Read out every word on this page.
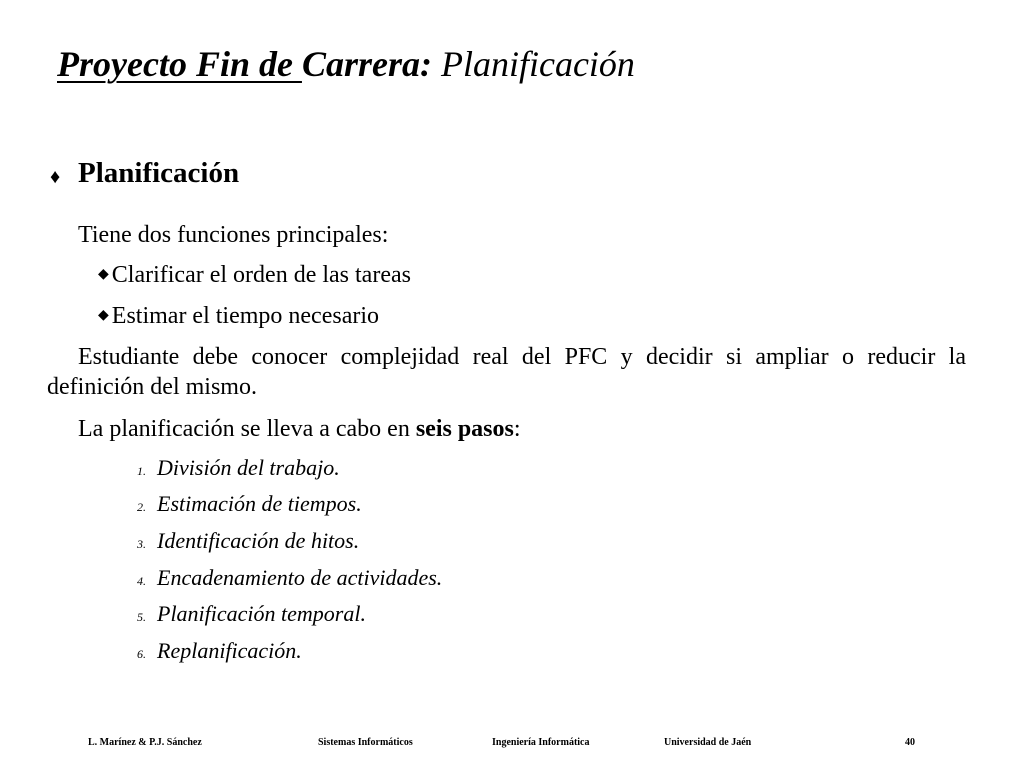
Proyecto Fin de Carrera: Planificación
♦ Planificación
Tiene dos funciones principales:
◆ Clarificar el orden de las tareas
◆ Estimar el tiempo necesario
Estudiante debe conocer complejidad real del PFC y decidir si ampliar o reducir la definición del mismo.
La planificación se lleva a cabo en seis pasos:
1. División del trabajo.
2. Estimación de tiempos.
3. Identificación de hitos.
4. Encadenamiento de actividades.
5. Planificación temporal.
6. Replanificación.
L. Marínez & P.J. Sánchez	Sistemas Informáticos	Ingeniería Informática	Universidad de Jaén	40
